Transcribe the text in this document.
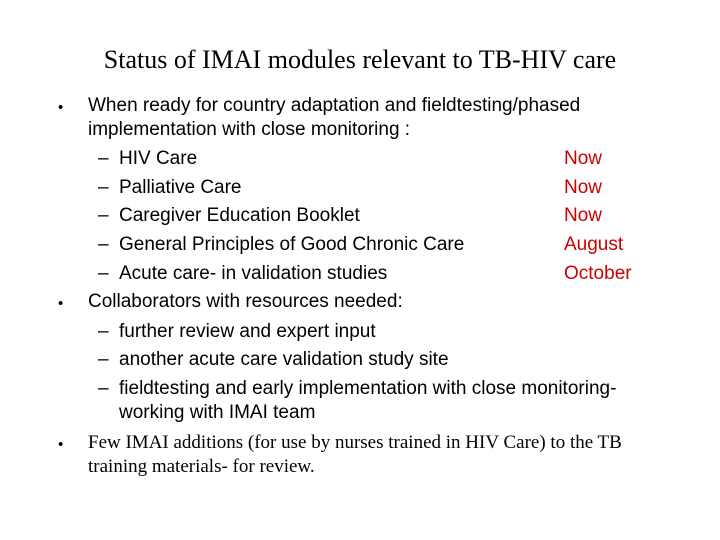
Status of IMAI modules relevant to TB-HIV care
• When ready for country adaptation and fieldtesting/phased
implementation with close monitoring :
– HIV Care	Now
– Palliative Care	Now
– Caregiver Education Booklet	Now
– General Principles of Good Chronic Care	August
– Acute care- in validation studies	October
• Collaborators with resources needed:
– further review and expert input
– another acute care validation study site
– fieldtesting and early implementation with close monitoring-
working with IMAI team
• Few IMAI additions (for use by nurses trained in HIV Care) to the TB
training materials- for review.
